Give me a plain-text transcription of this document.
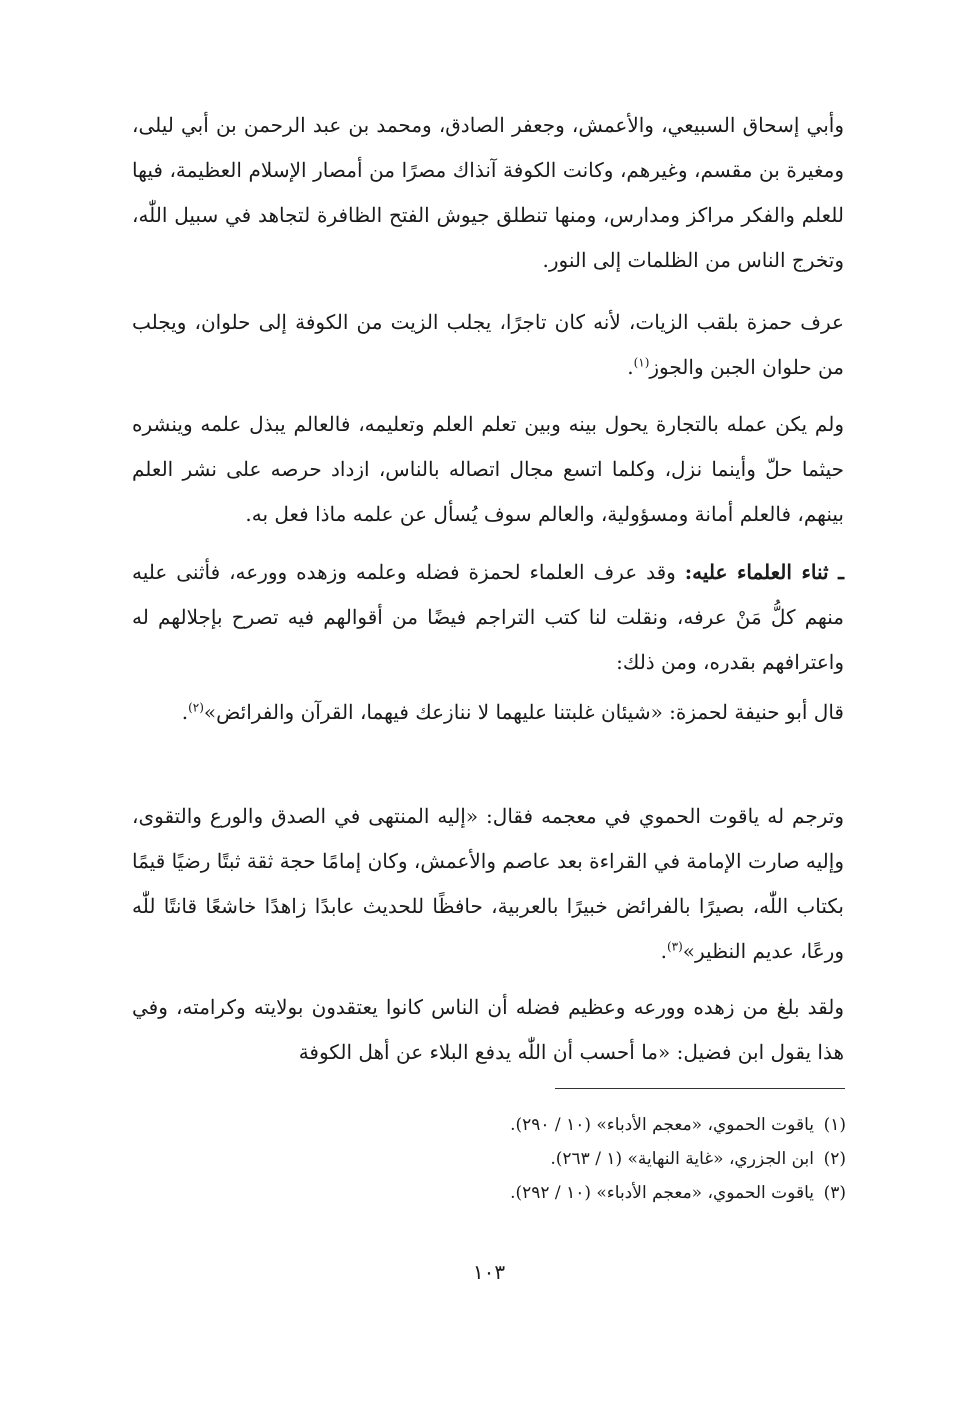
وأبي إسحاق السبيعي، والأعمش، وجعفر الصادق، ومحمد بن عبد الرحمن بن أبي ليلى، ومغيرة بن مقسم، وغيرهم، وكانت الكوفة آنذاك مصرًا من أمصار الإسلام العظيمة، فيها للعلم والفكر مراكز ومدارس، ومنها تنطلق جيوش الفتح الظافرة لتجاهد في سبيل اللّٰه، وتخرج الناس من الظلمات إلى النور.

عرف حمزة بلقب الزيات، لأنه كان تاجرًا، يجلب الزيت من الكوفة إلى حلوان، ويجلب من حلوان الجبن والجوز$^{(١)}$.

ولم يكن عمله بالتجارة يحول بينه وبين تعلم العلم وتعليمه، فالعالم يبذل علمه وينشره حيثما حلّ وأينما نزل، وكلما اتسع مجال اتصاله بالناس، ازداد حرصه على نشر العلم بينهم، فالعلم أمانة ومسؤولية، والعالم سوف يُسأل عن علمه ماذا فعل به.

ـ ثناء العلماء عليه: وقد عرف العلماء لحمزة فضله وعلمه وزهده وورعه، فأثنى عليه منهم كلُّ مَنْ عرفه، ونقلت لنا كتب التراجم فيضًا من أقوالهم فيه تصرح بإجلالهم له واعترافهم بقدره، ومن ذلك:

قال أبو حنيفة لحمزة: «شيئان غلبتنا عليهما لا ننازعك فيهما، القرآن والفرائض»$^{(٢)}$.

وترجم له ياقوت الحموي في معجمه فقال: «إليه المنتهى في الصدق والورع والتقوى، وإليه صارت الإمامة في القراءة بعد عاصم والأعمش، وكان إمامًا حجة ثقة ثبتًا رضيًا قيمًا بكتاب اللّٰه، بصيرًا بالفرائض خبيرًا بالعربية، حافظًا للحديث عابدًا زاهدًا خاشعًا قانتًا للّٰه ورعًا، عديم النظير»$^{(٣)}$.

ولقد بلغ من زهده وورعه وعظيم فضله أن الناس كانوا يعتقدون بولايته وكرامته، وفي هذا يقول ابن فضيل: «ما أحسب أن اللّٰه يدفع البلاء عن أهل الكوفة

(١)ياقوت الحموي، «معجم الأدباء» (١٠ / ٢٩٠).

(٢)ابن الجزري، «غاية النهاية» (١ / ٢٦٣).

(٣)ياقوت الحموي، «معجم الأدباء» (١٠ / ٢٩٢).

١٠٣
